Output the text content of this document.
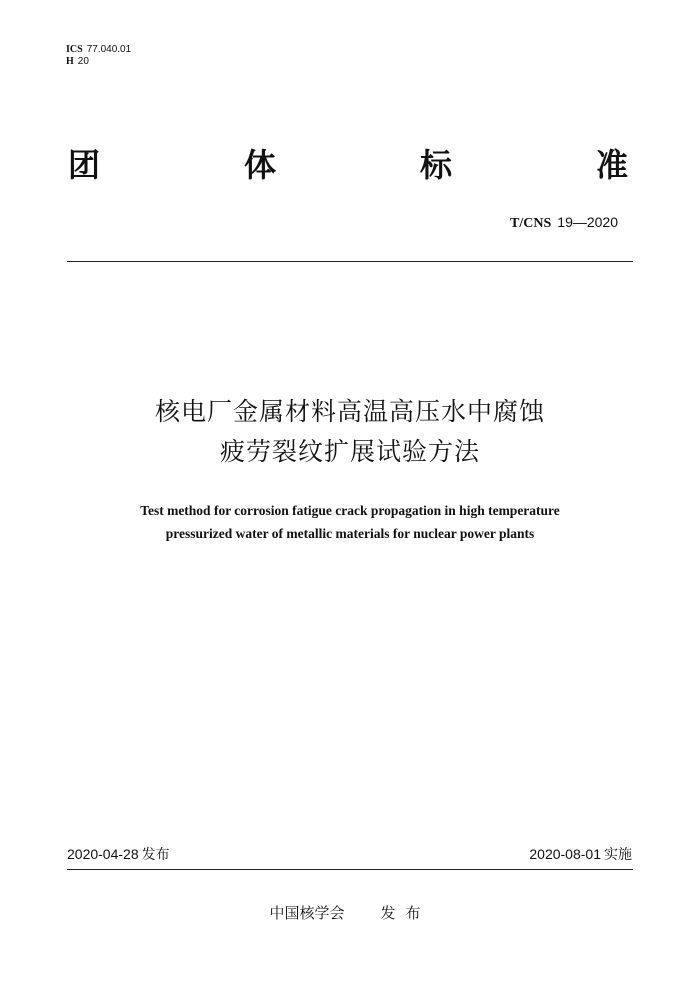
ICS 77.040.01
H 20
团	体	标	准
T/CNS 19—2020
核电厂金属材料高温高压水中腐蚀
疲劳裂纹扩展试验方法
Test method for corrosion fatigue crack propagation in high temperature
pressurized water of metallic materials for nuclear power plants
2020-04-28 发布	2020-08-01 实施
中国核学会 发布
